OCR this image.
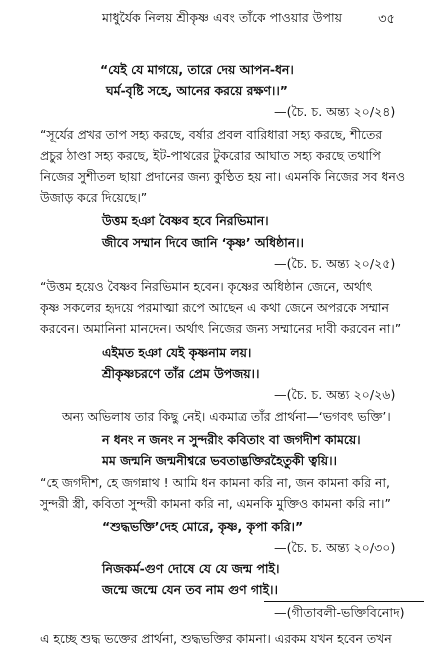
মাধুর্যৈক নিলয় শ্রীকৃষ্ণ এবং তাঁকে পাওয়ার উপায়	৩৫
“যেই যে মাগয়ে, তারে দেয় আপন-ধন।
ঘর্ম-বৃষ্টি সহে, আনের করয়ে রক্ষণ।।”
—(চৈ. চ. অন্ত্য ২০/২৪)
“সূর্যের প্রখর তাপ সহ্য করছে, বর্ষার প্রবল বারিধারা সহ্য করছে, শীতের
প্রচুর ঠাণ্ডা সহ্য করছে, ইট-পাথরের টুকরোর আঘাত সহ্য করছে তথাপি
নিজের সুশীতল ছায়া প্রদানের জন্য কুণ্ঠিত হয় না। এমনকি নিজের সব ধনও
উজাড় করে দিয়েছে।”
উত্তম হঞা বৈষ্ণব হবে নিরভিমান।
জীবে সম্মান দিবে জানি ‘কৃষ্ণ’ অধিষ্ঠান।।
—(চৈ. চ. অন্ত্য ২০/২৫)
“উত্তম হয়েও বৈষ্ণব নিরভিমান হবেন। কৃষ্ণের অধিষ্ঠান জেনে, অর্থাৎ
কৃষ্ণ সকলের হৃদয়ে পরমাত্মা রূপে আছেন এ কথা জেনে অপরকে সম্মান
করবেন। অমানিনা মানদেন। অর্থাৎ নিজের জন্য সম্মানের দাবী করবেন না।”
এইমত হঞা যেই কৃষ্ণনাম লয়।
শ্রীকৃষ্ণচরণে তাঁর প্রেম উপজয়।।
—(চৈ. চ. অন্ত্য ২০/২৬)
অন্য অভিলাষ তার কিছু নেই। একমাত্র তাঁর প্রার্থনা—‘ভগবৎ ভক্তি’।
ন ধনং ন জনং ন সুন্দরীং কবিতাং বা জগদীশ কাময়ে।
মম জন্মনি জন্মনীশ্বরে ভবতাদ্ভক্তিরহৈতুকী ত্বয়ি।।
“হে জগদীশ, হে জগন্নাথ ! আমি ধন কামনা করি না, জন কামনা করি না,
সুন্দরী স্ত্রী, কবিতা সুন্দরী কামনা করি না, এমনকি মুক্তিও কামনা করি না।”
“শুদ্ধভক্তি’দেহ মোরে, কৃষ্ণ, কৃপা করি।”
—(চৈ. চ. অন্ত্য ২০/৩০)
নিজকর্ম-গুণ দোষে যে যে জন্ম পাই।
জন্মে জন্মে যেন তব নাম গুণ গাই।।
—(গীতাবলী-ভক্তিবিনোদ)
এ হচ্ছে শুদ্ধ ভক্তের প্রার্থনা, শুদ্ধভক্তির কামনা। এরকম যখন হবেন তখন
